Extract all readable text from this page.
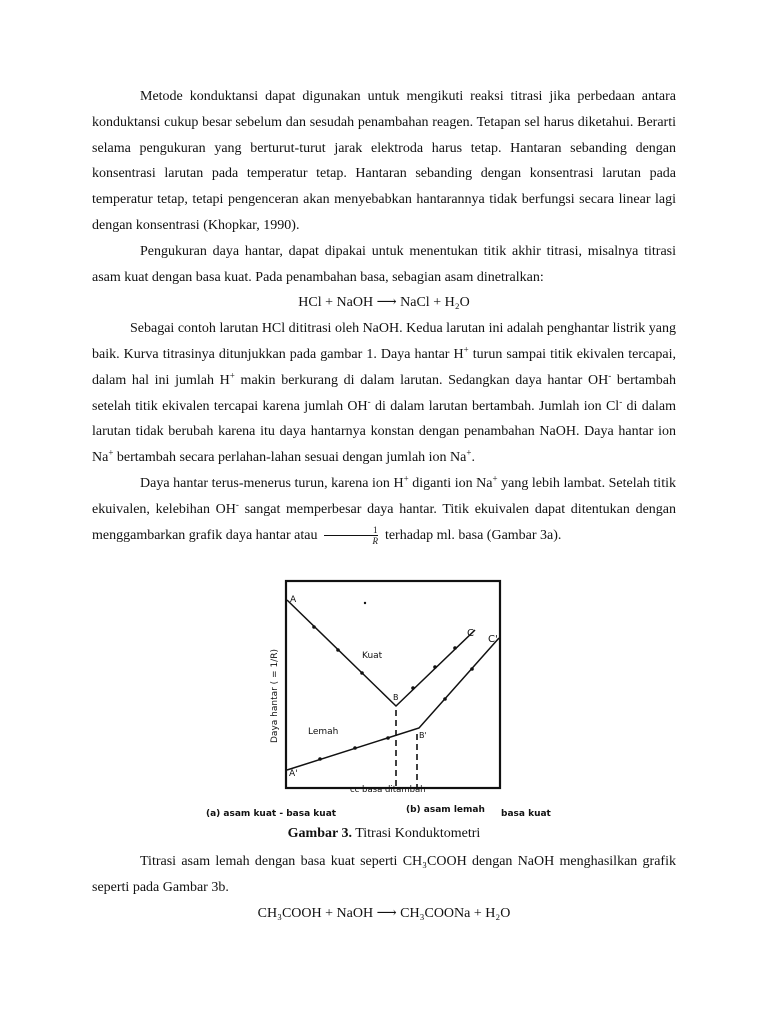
Metode konduktansi dapat digunakan untuk mengikuti reaksi titrasi jika perbedaan antara konduktansi cukup besar sebelum dan sesudah penambahan reagen. Tetapan sel harus diketahui. Berarti selama pengukuran yang berturut-turut jarak elektroda harus tetap. Hantaran sebanding dengan konsentrasi larutan pada temperatur tetap. Hantaran sebanding dengan konsentrasi larutan pada temperatur tetap, tetapi pengenceran akan menyebabkan hantarannya tidak berfungsi secara linear lagi dengan konsentrasi (Khopkar, 1990).

Pengukuran daya hantar, dapat dipakai untuk menentukan titik akhir titrasi, misalnya titrasi asam kuat dengan basa kuat. Pada penambahan basa, sebagian asam dinetralkan:

HCl + NaOH ⟶ NaCl + H₂O

Sebagai contoh larutan HCl dititrasi oleh NaOH. Kedua larutan ini adalah penghantar listrik yang baik. Kurva titrasinya ditunjukkan pada gambar 1. Daya hantar H+ turun sampai titik ekivalen tercapai, dalam hal ini jumlah H+ makin berkurang di dalam larutan. Sedangkan daya hantar OH- bertambah setelah titik ekivalen tercapai karena jumlah OH- di dalam larutan bertambah. Jumlah ion Cl- di dalam larutan tidak berubah karena itu daya hantarnya konstan dengan penambahan NaOH. Daya hantar ion Na+ bertambah secara perlahan-lahan sesuai dengan jumlah ion Na+.

Daya hantar terus-menerus turun, karena ion H+ diganti ion Na+ yang lebih lambat. Setelah titik ekuivalen, kelebihan OH- sangat memperbesar daya hantar. Titik ekuivalen dapat ditentukan dengan menggambarkan grafik daya hantar atau $\frac{1}{R}$ terhadap ml. basa (Gambar 3a).

A
A'
B
B'
C
C'
Kuat
Lemah
cc basa ditambah
Daya hantar ( = 1/R)
(a) asam kuat - basa kuat	(b) asam lemah basa kuat
Gambar 3. Titrasi Konduktometri

Titrasi asam lemah dengan basa kuat seperti CH₃COOH dengan NaOH menghasilkan grafik seperti pada Gambar 3b.

CH₃COOH + NaOH ⟶ CH₃COONa + H₂O
